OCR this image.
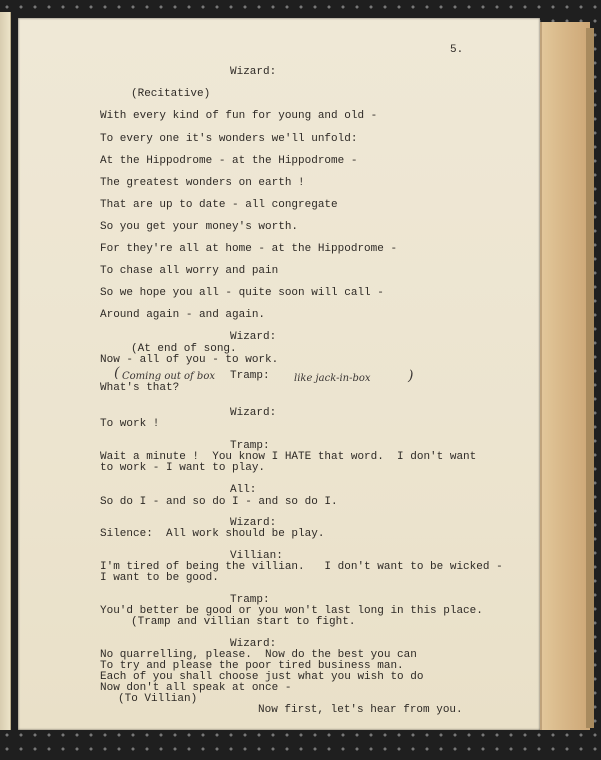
5.
(	)
Wizard:
(Recitative)
With every kind of fun for young and old -
To every one it's wonders we'll unfold:
At the Hippodrome - at the Hippodrome -
The greatest wonders on earth !
That are up to date - all congregate
So you get your money's worth.
For they're all at home - at the Hippodrome -
To chase all worry and pain
So we hope you all - quite soon will call -
Around again - and again.
Wizard:
(At end of song.
Now - all of you - to work.
Tramp:
What's that?
Wizard:
To work !
Tramp:
Wait a minute !  You know I HATE that word.  I don't want
to work - I want to play.
All:
So do I - and so do I - and so do I.
Wizard:
Silence:  All work should be play.
Villian:
I'm tired of being the villian.   I don't want to be wicked -
I want to be good.
Tramp:
You'd better be good or you won't last long in this place.
(Tramp and villian start to fight.
Wizard:
No quarrelling, please.  Now do the best you can
To try and please the poor tired business man.
Each of you shall choose just what you wish to do
Now don't all speak at once -
(To Villian)
Now first, let's hear from you.
Coming out of box	like jack-in-box
